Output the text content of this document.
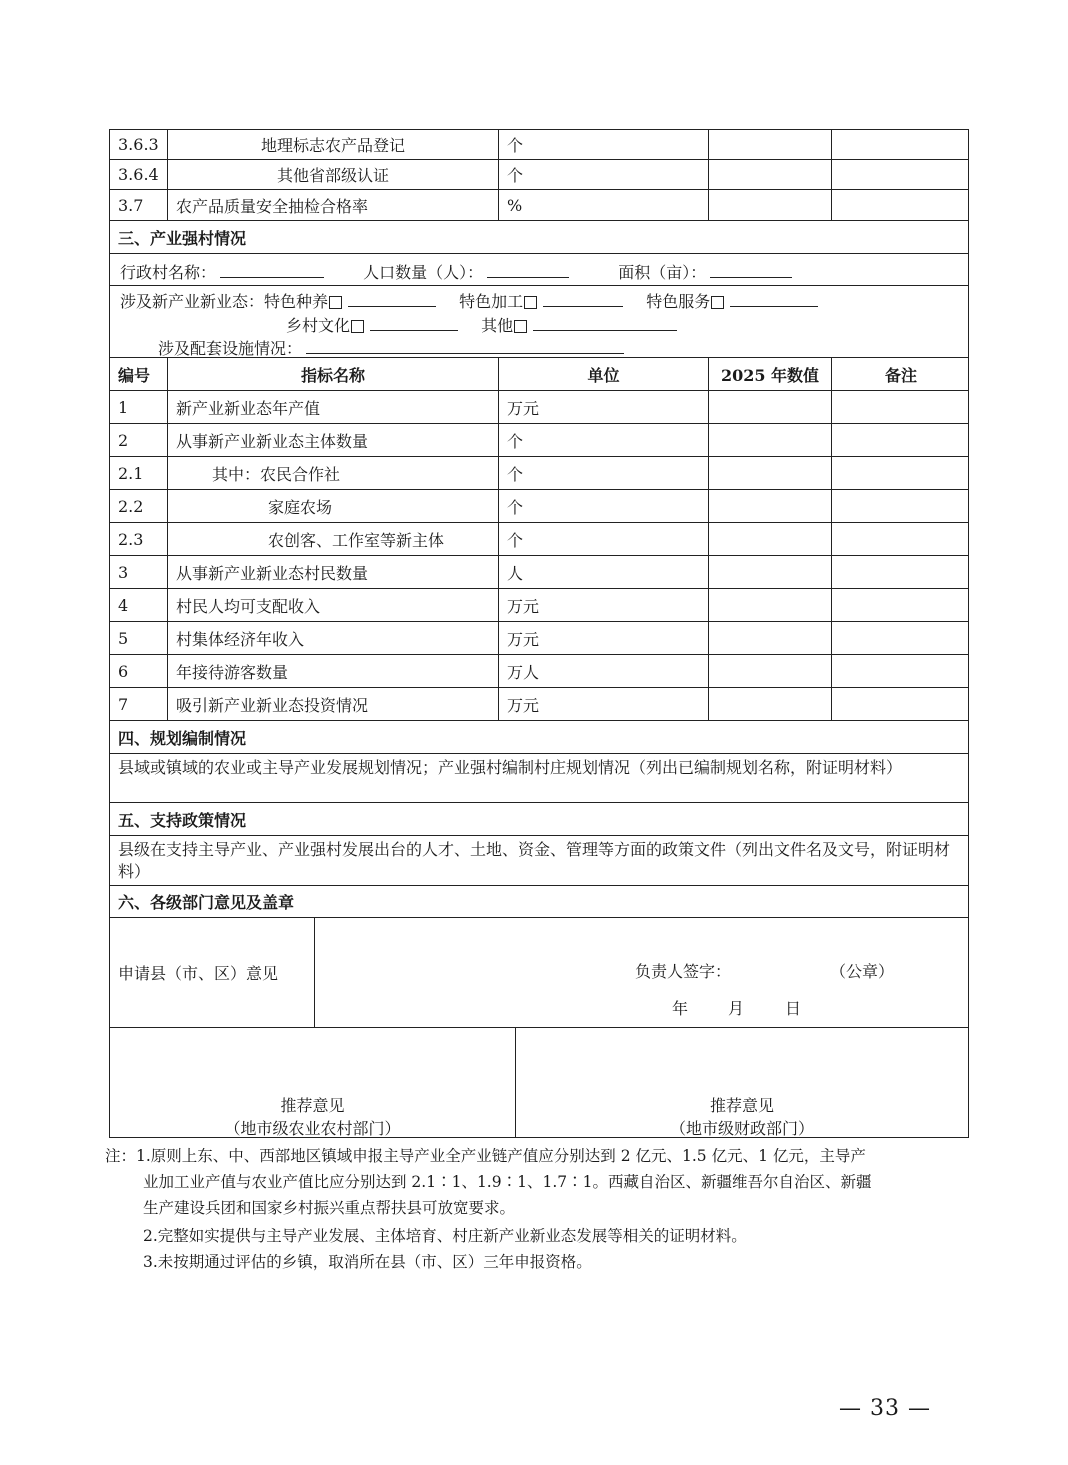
3.6.3	地理标志农产品登记	个
3.6.4	其他省部级认证	个
3.7	农产品质量安全抽检合格率	%
三、产业强村情况
行政村名称：	人口数量（人）：	面积（亩）：
涉及新产业新业态：特色种养	特色加工	特色服务
乡村文化	其他
涉及配套设施情况：
编号	指标名称	单位	2025 年数值	备注
1	新产业新业态年产值	万元
2	从事新产业新业态主体数量	个
2.1	其中：农民合作社	个
2.2	家庭农场	个
2.3	农创客、工作室等新主体	个
3	从事新产业新业态村民数量	人
4	村民人均可支配收入	万元
5	村集体经济年收入	万元
6	年接待游客数量	万人
7	吸引新产业新业态投资情况	万元
四、规划编制情况
县域或镇域的农业或主导产业发展规划情况；产业强村编制村庄规划情况（列出已编制规划名称，附证明材料）
五、支持政策情况
县级在支持主导产业、产业强村发展出台的人才、土地、资金、管理等方面的政策文件（列出文件名及文号，附证明材料）
六、各级部门意见及盖章
申请县（市、区）意见	负责人签字：	（公章）
年 月	日
推荐意见
（地市级农业农村部门）
推荐意见
（地市级财政部门）
注：1.原则上东、中、西部地区镇域申报主导产业全产业链产值应分别达到 2 亿元、1.5 亿元、1 亿元，主导产
业加工业产值与农业产值比应分别达到 2.1∶1、1.9∶1、1.7∶1。西藏自治区、新疆维吾尔自治区、新疆
生产建设兵团和国家乡村振兴重点帮扶县可放宽要求。
2.完整如实提供与主导产业发展、主体培育、村庄新产业新业态发展等相关的证明材料。
3.未按期通过评估的乡镇，取消所在县（市、区）三年申报资格。
— 33 —
